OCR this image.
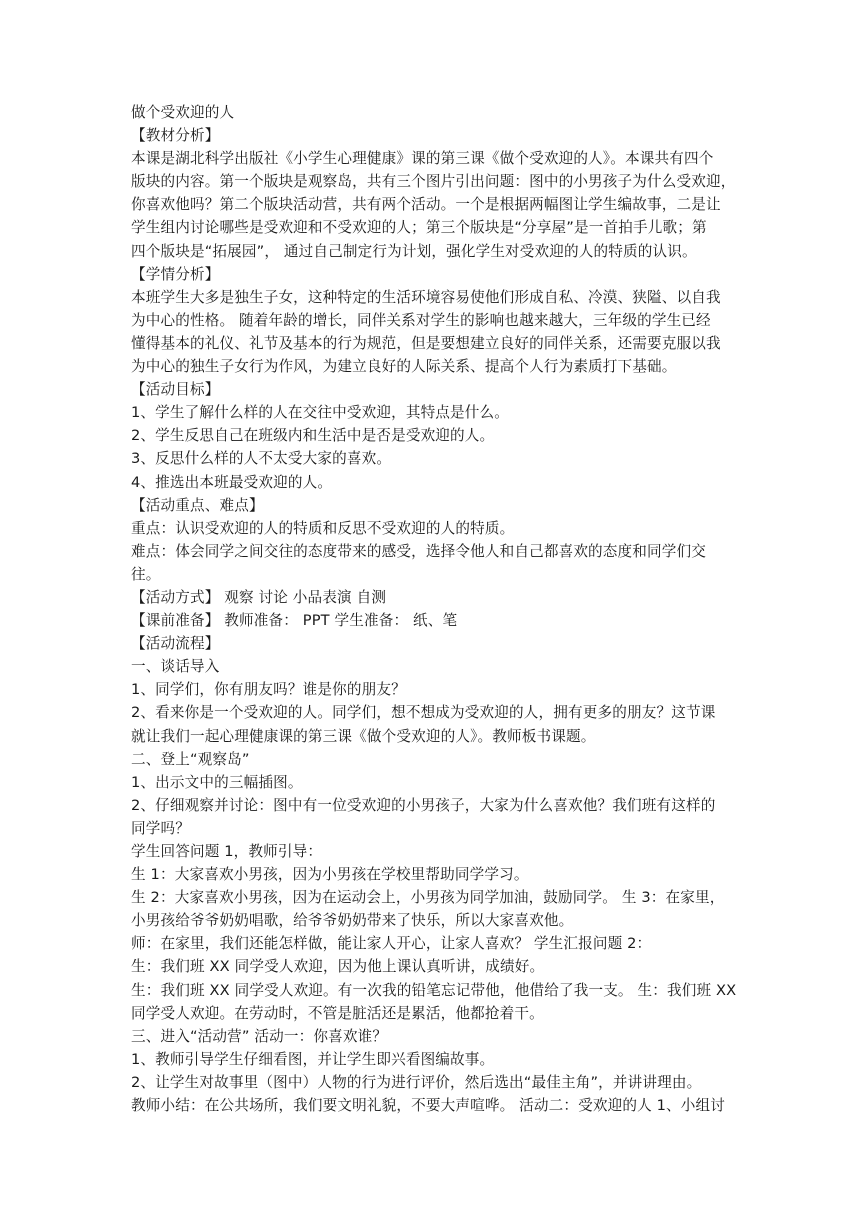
做个受欢迎的人
【教材分析】
本课是湖北科学出版社《小学生心理健康》课的第三课《做个受欢迎的人》。本课共有四个
版块的内容。第一个版块是观察岛，共有三个图片引出问题：图中的小男孩子为什么受欢迎，
你喜欢他吗？第二个版块活动营，共有两个活动。一个是根据两幅图让学生编故事，二是让
学生组内讨论哪些是受欢迎和不受欢迎的人；第三个版块是“分享屋”是一首拍手儿歌；第
四个版块是“拓展园”， 通过自己制定行为计划，强化学生对受欢迎的人的特质的认识。
【学情分析】
本班学生大多是独生子女，这种特定的生活环境容易使他们形成自私、冷漠、狭隘、以自我
为中心的性格。 随着年龄的增长，同伴关系对学生的影响也越来越大，三年级的学生已经
懂得基本的礼仪、礼节及基本的行为规范，但是要想建立良好的同伴关系，还需要克服以我
为中心的独生子女行为作风，为建立良好的人际关系、提高个人行为素质打下基础。
【活动目标】
1、学生了解什么样的人在交往中受欢迎，其特点是什么。
2、学生反思自己在班级内和生活中是否是受欢迎的人。
3、反思什么样的人不太受大家的喜欢。
4、推选出本班最受欢迎的人。
【活动重点、难点】
重点：认识受欢迎的人的特质和反思不受欢迎的人的特质。
难点：体会同学之间交往的态度带来的感受，选择令他人和自己都喜欢的态度和同学们交
往。
【活动方式】 观察 讨论 小品表演 自测
【课前准备】 教师准备： PPT 学生准备： 纸、笔
【活动流程】
一、谈话导入
1、同学们，你有朋友吗？谁是你的朋友？
2、看来你是一个受欢迎的人。同学们，想不想成为受欢迎的人，拥有更多的朋友？这节课
就让我们一起心理健康课的第三课《做个受欢迎的人》。教师板书课题。
二、登上“观察岛”
1、出示文中的三幅插图。
2、仔细观察并讨论：图中有一位受欢迎的小男孩子，大家为什么喜欢他？我们班有这样的
同学吗？
学生回答问题 1，教师引导：
生 1：大家喜欢小男孩，因为小男孩在学校里帮助同学学习。
生 2：大家喜欢小男孩，因为在运动会上，小男孩为同学加油，鼓励同学。 生 3：在家里，
小男孩给爷爷奶奶唱歌，给爷爷奶奶带来了快乐，所以大家喜欢他。
师：在家里，我们还能怎样做，能让家人开心，让家人喜欢？ 学生汇报问题 2：
生：我们班 XX 同学受人欢迎，因为他上课认真听讲，成绩好。
生：我们班 XX 同学受人欢迎。有一次我的铅笔忘记带他，他借给了我一支。 生：我们班 XX
同学受人欢迎。在劳动时，不管是脏活还是累活，他都抢着干。
三、进入“活动营” 活动一：你喜欢谁？
1、教师引导学生仔细看图，并让学生即兴看图编故事。
2、让学生对故事里（图中）人物的行为进行评价，然后选出“最佳主角”，并讲讲理由。
教师小结：在公共场所，我们要文明礼貌，不要大声喧哗。 活动二：受欢迎的人 1、小组讨
